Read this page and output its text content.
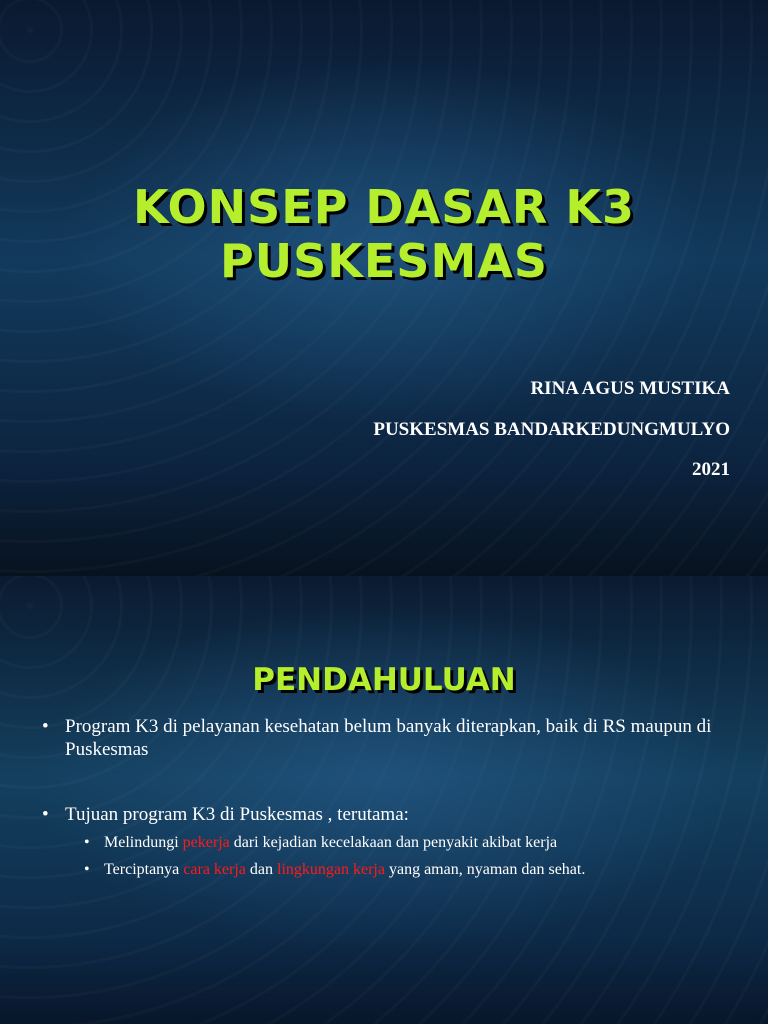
KONSEP DASAR K3
PUSKESMAS
RINA AGUS MUSTIKA
PUSKESMAS BANDARKEDUNGMULYO
2021
PENDAHULUAN
• Program K3 di pelayanan kesehatan belum banyak diterapkan, baik di RS maupun di Puskesmas
• Tujuan program K3 di Puskesmas , terutama:
• Melindungi pekerja dari kejadian kecelakaan dan penyakit akibat kerja
• Terciptanya cara kerja dan lingkungan kerja yang aman, nyaman dan sehat.
